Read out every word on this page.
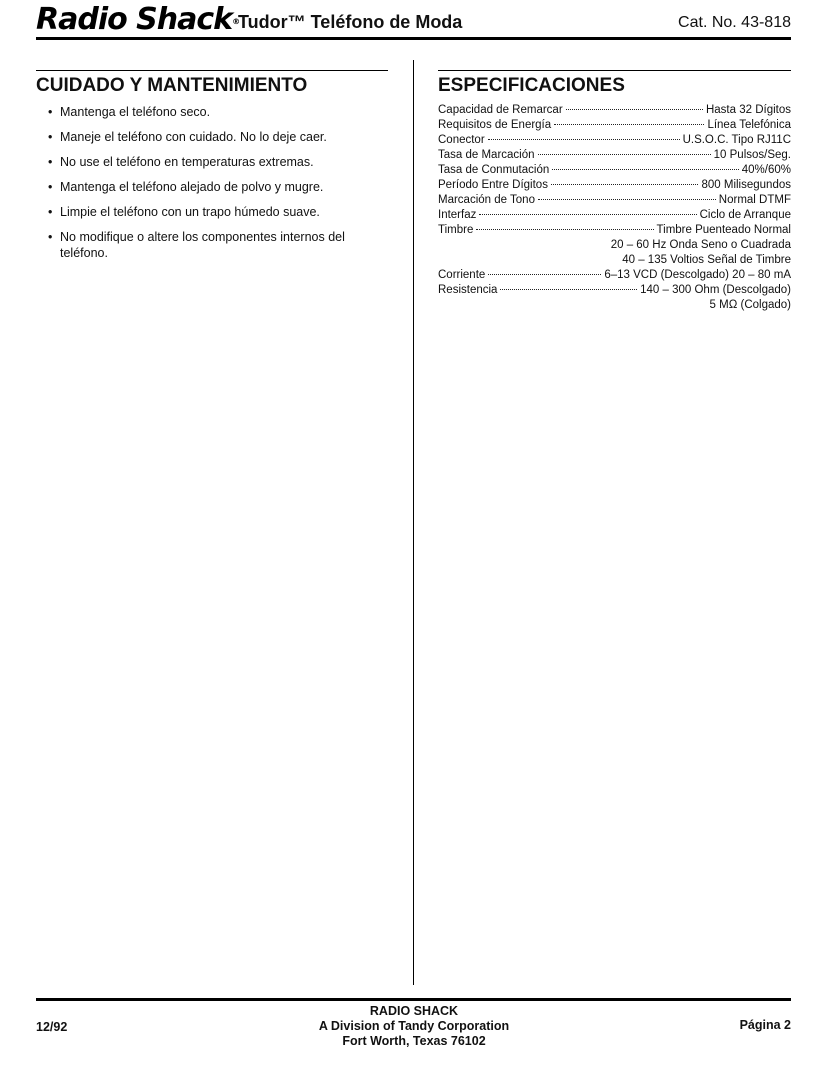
Radio Shack®
Tudor™ Teléfono de Moda	Cat. No. 43-818
CUIDADO Y MANTENIMIENTO
• Mantenga el teléfono seco.
• Maneje el teléfono con cuidado. No lo deje caer.
• No use el teléfono en temperaturas extremas.
• Mantenga el teléfono alejado de polvo y mugre.
• Limpie el teléfono con un trapo húmedo suave.
• No modifique o altere los componentes internos del teléfono.
ESPECIFICACIONES
Capacidad de Remarcar	Hasta 32 Dígitos
Requisitos de Energía	Línea Telefónica
Conector	U.S.O.C. Tipo RJ11C
Tasa de Marcación	10 Pulsos/Seg.
Tasa de Conmutación	40%/60%
Período Entre Dígitos	800 Milisegundos
Marcación de Tono	Normal DTMF
Interfaz	Ciclo de Arranque
Timbre	Timbre Puenteado Normal
20 – 60 Hz Onda Seno o Cuadrada
40 – 135 Voltios Señal de Timbre
Corriente	6–13 VCD (Descolgado) 20 – 80 mA
Resistencia	140 – 300 Ohm (Descolgado)
5 MΩ (Colgado)
RADIO SHACK
A Division of Tandy Corporation
Fort Worth, Texas 76102
12/92	Página 2
